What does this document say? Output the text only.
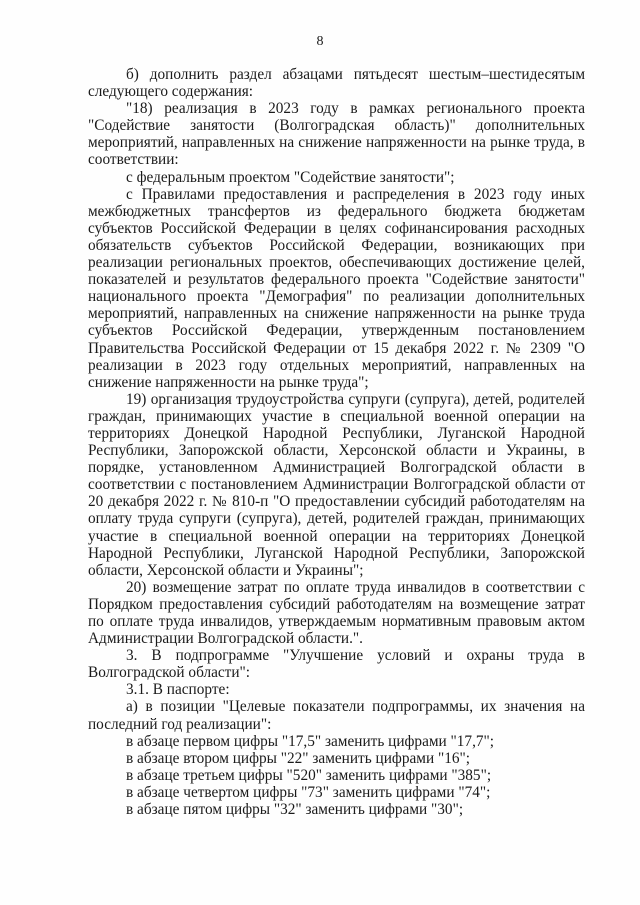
8

б) дополнить раздел абзацами пятьдесят шестым–шестидесятым следующего содержания:

"18) реализация в 2023 году в рамках регионального проекта "Содействие занятости (Волгоградская область)" дополнительных мероприятий, направленных на снижение напряженности на рынке труда, в соответствии:

с федеральным проектом "Содействие занятости";

с Правилами предоставления и распределения в 2023 году иных межбюджетных трансфертов из федерального бюджета бюджетам субъектов Российской Федерации в целях софинансирования расходных обязательств субъектов Российской Федерации, возникающих при реализации региональных проектов, обеспечивающих достижение целей, показателей и результатов федерального проекта "Содействие занятости" национального проекта "Демография" по реализации дополнительных мероприятий, направленных на снижение напряженности на рынке труда субъектов Российской Федерации, утвержденным постановлением Правительства Российской Федерации от 15 декабря 2022 г. № 2309 "О реализации в 2023 году отдельных мероприятий, направленных на снижение напряженности на рынке труда";

19) организация трудоустройства супруги (супруга), детей, родителей граждан, принимающих участие в специальной военной операции на территориях Донецкой Народной Республики, Луганской Народной Республики, Запорожской области, Херсонской области и Украины, в порядке, установленном Администрацией Волгоградской области в соответствии с постановлением Администрации Волгоградской области от 20 декабря 2022 г. № 810-п "О предоставлении субсидий работодателям на оплату труда супруги (супруга), детей, родителей граждан, принимающих участие в специальной военной операции на территориях Донецкой Народной Республики, Луганской Народной Республики, Запорожской области, Херсонской области и Украины";

20) возмещение затрат по оплате труда инвалидов в соответствии с Порядком предоставления субсидий работодателям на возмещение затрат по оплате труда инвалидов, утверждаемым нормативным правовым актом Администрации Волгоградской области.".

3. В подпрограмме "Улучшение условий и охраны труда в Волгоградской области":

3.1. В паспорте:

а) в позиции "Целевые показатели подпрограммы, их значения на последний год реализации":

в абзаце первом цифры "17,5" заменить цифрами "17,7";

в абзаце втором цифры "22" заменить цифрами "16";

в абзаце третьем цифры "520" заменить цифрами "385";

в абзаце четвертом цифры "73" заменить цифрами "74";

в абзаце пятом цифры "32" заменить цифрами "30";
